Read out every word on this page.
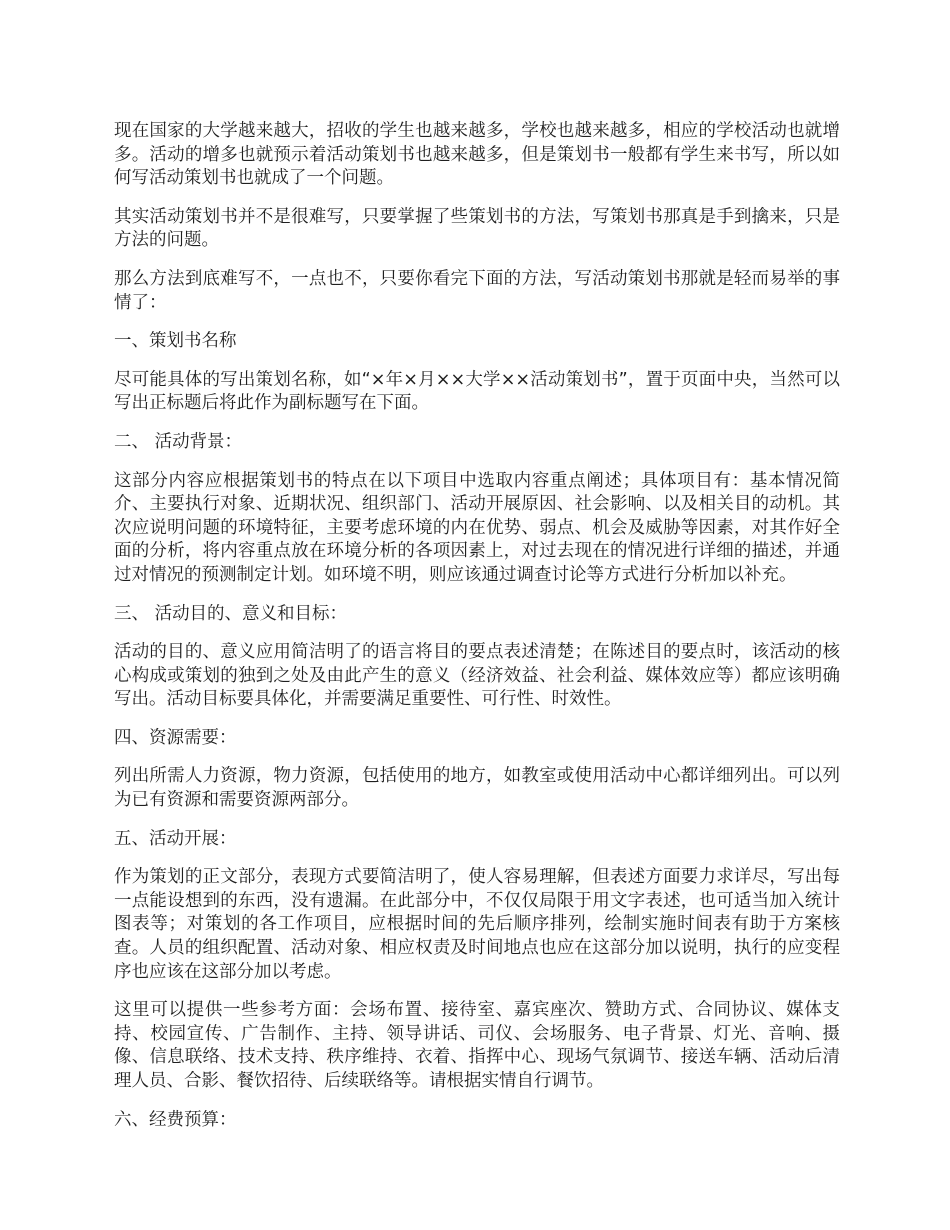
现在国家的大学越来越大，招收的学生也越来越多，学校也越来越多，相应的学校活动也就增多。活动的增多也就预示着活动策划书也越来越多，但是策划书一般都有学生来书写，所以如何写活动策划书也就成了一个问题。

其实活动策划书并不是很难写，只要掌握了些策划书的方法，写策划书那真是手到擒来，只是方法的问题。

那么方法到底难写不，一点也不，只要你看完下面的方法，写活动策划书那就是轻而易举的事情了：

一、策划书名称

尽可能具体的写出策划名称，如“×年×月××大学××活动策划书”，置于页面中央，当然可以写出正标题后将此作为副标题写在下面。

二、 活动背景：

这部分内容应根据策划书的特点在以下项目中选取内容重点阐述；具体项目有：基本情况简介、主要执行对象、近期状况、组织部门、活动开展原因、社会影响、以及相关目的动机。其次应说明问题的环境特征，主要考虑环境的内在优势、弱点、机会及威胁等因素，对其作好全面的分析，将内容重点放在环境分析的各项因素上，对过去现在的情况进行详细的描述，并通过对情况的预测制定计划。如环境不明，则应该通过调查讨论等方式进行分析加以补充。

三、 活动目的、意义和目标：

活动的目的、意义应用简洁明了的语言将目的要点表述清楚；在陈述目的要点时，该活动的核心构成或策划的独到之处及由此产生的意义（经济效益、社会利益、媒体效应等）都应该明确写出。活动目标要具体化，并需要满足重要性、可行性、时效性。

四、资源需要：

列出所需人力资源，物力资源，包括使用的地方，如教室或使用活动中心都详细列出。可以列为已有资源和需要资源两部分。

五、活动开展：

作为策划的正文部分，表现方式要简洁明了，使人容易理解，但表述方面要力求详尽，写出每一点能设想到的东西，没有遗漏。在此部分中，不仅仅局限于用文字表述，也可适当加入统计图表等；对策划的各工作项目，应根据时间的先后顺序排列，绘制实施时间表有助于方案核查。人员的组织配置、活动对象、相应权责及时间地点也应在这部分加以说明，执行的应变程序也应该在这部分加以考虑。

这里可以提供一些参考方面：会场布置、接待室、嘉宾座次、赞助方式、合同协议、媒体支持、校园宣传、广告制作、主持、领导讲话、司仪、会场服务、电子背景、灯光、音响、摄像、信息联络、技术支持、秩序维持、衣着、指挥中心、现场气氛调节、接送车辆、活动后清理人员、合影、餐饮招待、后续联络等。请根据实情自行调节。

六、经费预算：
